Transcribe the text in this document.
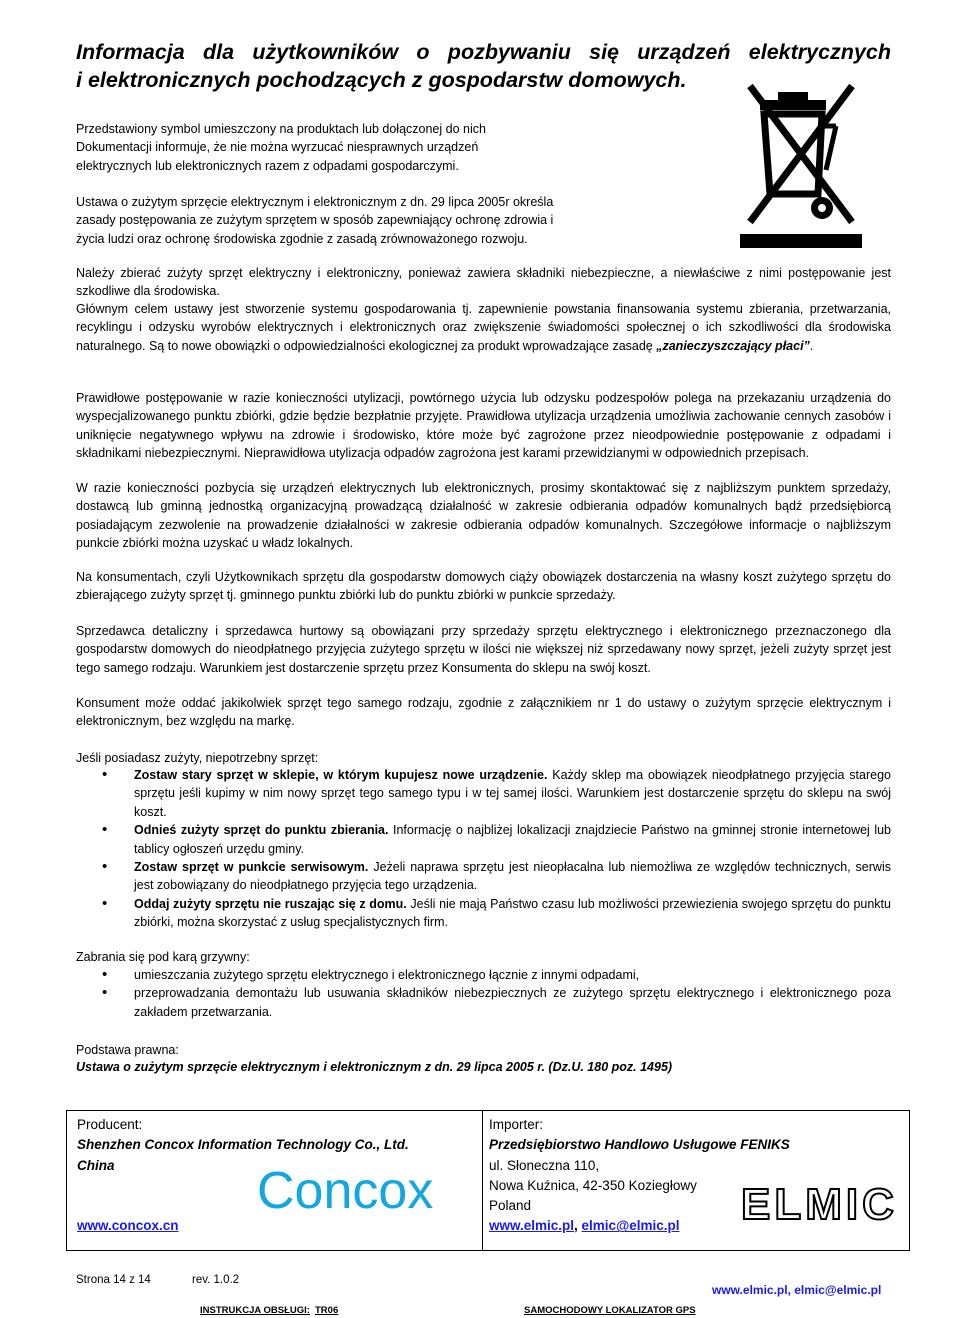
Informacja dla użytkowników o pozbywaniu się urządzeń elektrycznych
i elektronicznych pochodzących z gospodarstw domowych.

Przedstawiony symbol umieszczony na produktach lub dołączonej do nich Dokumentacji informuje, że nie można wyrzucać niesprawnych urządzeń elektrycznych lub elektronicznych razem z odpadami gospodarczymi.

Ustawa o zużytym sprzęcie elektrycznym i elektronicznym z dn. 29 lipca 2005r określa zasady postępowania ze zużytym sprzętem w sposób zapewniający ochronę zdrowia i życia ludzi oraz ochronę środowiska zgodnie z zasadą zrównoważonego rozwoju.

Należy zbierać zużyty sprzęt elektryczny i elektroniczny, ponieważ zawiera składniki niebezpieczne, a niewłaściwe z nimi postępowanie jest szkodliwe dla środowiska.

Głównym celem ustawy jest stworzenie systemu gospodarowania tj. zapewnienie powstania finansowania systemu zbierania, przetwarzania, recyklingu i odzysku wyrobów elektrycznych i elektronicznych oraz zwiększenie świadomości społecznej o ich szkodliwości dla środowiska naturalnego. Są to nowe obowiązki o odpowiedzialności ekologicznej za produkt wprowadzające zasadę „zanieczyszczający płaci”.

Prawidłowe postępowanie w razie konieczności utylizacji, powtórnego użycia lub odzysku podzespołów polega na przekazaniu urządzenia do wyspecjalizowanego punktu zbiórki, gdzie będzie bezpłatnie przyjęte. Prawidłowa utylizacja urządzenia umożliwia zachowanie cennych zasobów i uniknięcie negatywnego wpływu na zdrowie i środowisko, które może być zagrożone przez nieodpowiednie postępowanie z odpadami i składnikami niebezpiecznymi. Nieprawidłowa utylizacja odpadów zagrożona jest karami przewidzianymi w odpowiednich przepisach.

W razie konieczności pozbycia się urządzeń elektrycznych lub elektronicznych, prosimy skontaktować się z najbliższym punktem sprzedaży, dostawcą lub gminną jednostką organizacyjną prowadzącą działalność w zakresie odbierania odpadów komunalnych bądź przedsiębiorcą posiadającym zezwolenie na prowadzenie działalności w zakresie odbierania odpadów komunalnych. Szczegółowe informacje o najbliższym punkcie zbiórki można uzyskać u władz lokalnych.

Na konsumentach, czyli Użytkownikach sprzętu dla gospodarstw domowych ciąży obowiązek dostarczenia na własny koszt zużytego sprzętu do zbierającego zużyty sprzęt tj. gminnego punktu zbiórki lub do punktu zbiórki w punkcie sprzedaży.

Sprzedawca detaliczny i sprzedawca hurtowy są obowiązani przy sprzedaży sprzętu elektrycznego i elektronicznego przeznaczonego dla gospodarstw domowych do nieodpłatnego przyjęcia zużytego sprzętu w ilości nie większej niż sprzedawany nowy sprzęt, jeżeli zużyty sprzęt jest tego samego rodzaju. Warunkiem jest dostarczenie sprzętu przez Konsumenta do sklepu na swój koszt.

Konsument może oddać jakikolwiek sprzęt tego samego rodzaju, zgodnie z załącznikiem nr 1 do ustawy o zużytym sprzęcie elektrycznym i elektronicznym, bez względu na markę.

Jeśli posiadasz zużyty, niepotrzebny sprzęt:

• Zostaw stary sprzęt w sklepie, w którym kupujesz nowe urządzenie. Każdy sklep ma obowiązek nieodpłatnego przyjęcia starego sprzętu jeśli kupimy w nim nowy sprzęt tego samego typu i w tej samej ilości. Warunkiem jest dostarczenie sprzętu do sklepu na swój koszt.
• Odnieś zużyty sprzęt do punktu zbierania. Informację o najbliżej lokalizacji znajdziecie Państwo na gminnej stronie internetowej lub tablicy ogłoszeń urzędu gminy.
• Zostaw sprzęt w punkcie serwisowym. Jeżeli naprawa sprzętu jest nieopłacalna lub niemożliwa ze względów technicznych, serwis jest zobowiązany do nieodpłatnego przyjęcia tego urządzenia.
• Oddaj zużyty sprzętu nie ruszając się z domu. Jeśli nie mają Państwo czasu lub możliwości przewiezienia swojego sprzętu do punktu zbiórki, można skorzystać z usług specjalistycznych firm.

Zabrania się pod karą grzywny:

• umieszczania zużytego sprzętu elektrycznego i elektronicznego łącznie z innymi odpadami,
• przeprowadzania demontażu lub usuwania składników niebezpiecznych ze zużytego sprzętu elektrycznego i elektronicznego poza zakładem przetwarzania.
Podstawa prawna:
Ustawa o zużytym sprzęcie elektrycznym i elektronicznym z dn. 29 lipca 2005 r. (Dz.U. 180 poz. 1495)
Producent:
Shenzhen Concox Information Technology Co., Ltd.
China
www.concox.cn
Concox
Importer:
Przedsiębiorstwo Handlowo Usługowe FENIKS
ul. Słoneczna 110,
Nowa Kuźnica, 42-350 Koziegłowy
Poland
www.elmic.pl, elmic@elmic.pl	ELMIC
Strona 14 z 14	rev. 1.0.2
www.elmic.pl, elmic@elmic.pl
INSTRUKCJA OBSŁUGI: TR06	SAMOCHODOWY LOKALIZATOR GPS
